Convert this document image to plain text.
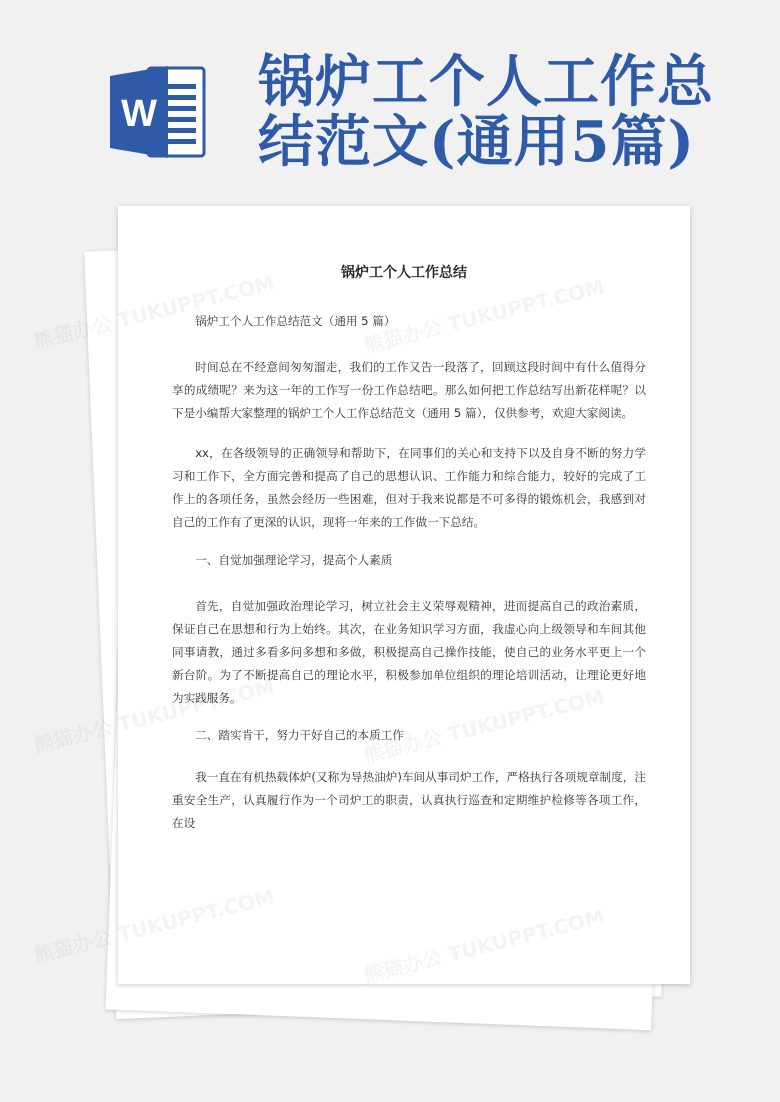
W 锅炉工个人工作总
结范文(通用5篇)
锅炉工个人工作总结

锅炉工个人工作总结范文（通用 5 篇）

时间总在不经意间匆匆溜走，我们的工作又告一段落了，回顾这段时间中有什么值得分享的成绩呢？来为这一年的工作写一份工作总结吧。那么如何把工作总结写出新花样呢？以下是小编帮大家整理的锅炉工个人工作总结范文（通用 5 篇），仅供参考，欢迎大家阅读。

xx，在各级领导的正确领导和帮助下，在同事们的关心和支持下以及自身不断的努力学习和工作下，全方面完善和提高了自己的思想认识、工作能力和综合能力，较好的完成了工作上的各项任务，虽然会经历一些困难，但对于我来说都是不可多得的锻炼机会，我感到对自己的工作有了更深的认识，现将一年来的工作做一下总结。

一、自觉加强理论学习，提高个人素质

首先，自觉加强政治理论学习，树立社会主义荣辱观精神，进而提高自己的政治素质，保证自己在思想和行为上始终。其次，在业务知识学习方面，我虚心向上级领导和车间其他同事请教，通过多看多问多想和多做，积极提高自己操作技能，使自己的业务水平更上一个新台阶。为了不断提高自己的理论水平，积极参加单位组织的理论培训活动，让理论更好地为实践服务。

二、踏实肯干，努力干好自己的本质工作

我一直在有机热载体炉(又称为导热油炉)车间从事司炉工作，严格执行各项规章制度，注重安全生产，认真履行作为一个司炉工的职责，认真执行巡查和定期维护检修等各项工作，在设
